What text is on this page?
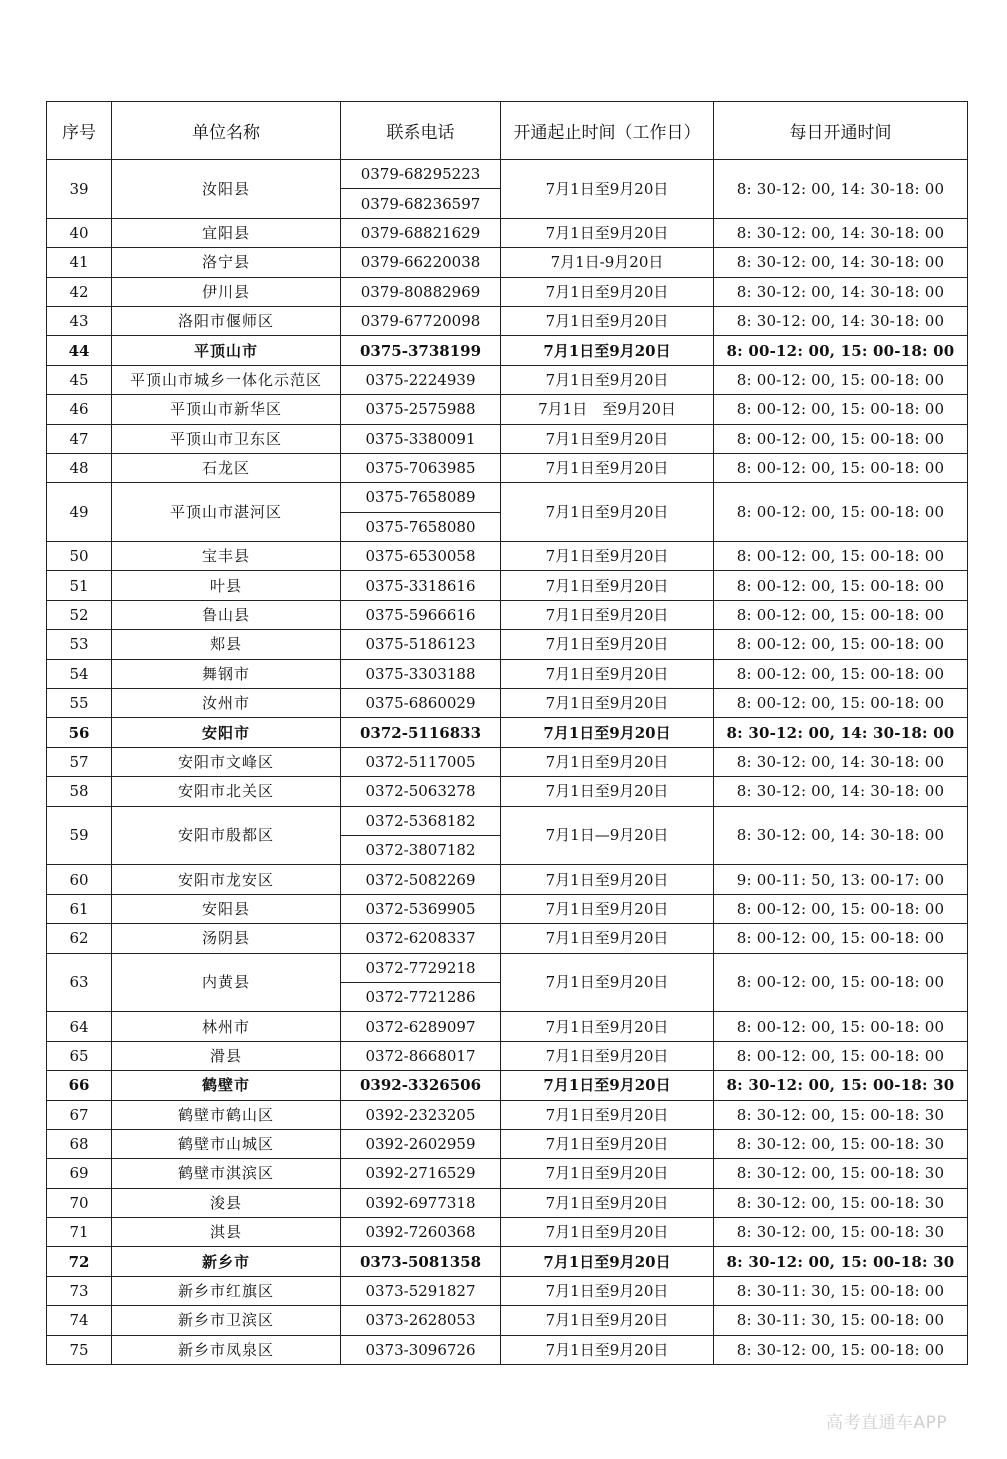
序号	单位名称	联系电话	开通起止时间（工作日）	每日开通时间
39	汝阳县	0379-68295223	7月1日至9月20日	8: 30-12: 00, 14: 30-18: 00
		0379-68236597		
40	宜阳县	0379-68821629	7月1日至9月20日	8: 30-12: 00, 14: 30-18: 00
41	洛宁县	0379-66220038	7月1日-9月20日	8: 30-12: 00, 14: 30-18: 00
42	伊川县	0379-80882969	7月1日至9月20日	8: 30-12: 00, 14: 30-18: 00
43	洛阳市偃师区	0379-67720098	7月1日至9月20日	8: 30-12: 00, 14: 30-18: 00
44	平顶山市	0375-3738199	7月1日至9月20日	8: 00-12: 00, 15: 00-18: 00
45	平顶山市城乡一体化示范区	0375-2224939	7月1日至9月20日	8: 00-12: 00, 15: 00-18: 00
46	平顶山市新华区	0375-2575988	7月1日　至9月20日	8: 00-12: 00, 15: 00-18: 00
47	平顶山市卫东区	0375-3380091	7月1日至9月20日	8: 00-12: 00, 15: 00-18: 00
48	石龙区	0375-7063985	7月1日至9月20日	8: 00-12: 00, 15: 00-18: 00
49	平顶山市湛河区	0375-7658089	7月1日至9月20日	8: 00-12: 00, 15: 00-18: 00
		0375-7658080		
50	宝丰县	0375-6530058	7月1日至9月20日	8: 00-12: 00, 15: 00-18: 00
51	叶县	0375-3318616	7月1日至9月20日	8: 00-12: 00, 15: 00-18: 00
52	鲁山县	0375-5966616	7月1日至9月20日	8: 00-12: 00, 15: 00-18: 00
53	郏县	0375-5186123	7月1日至9月20日	8: 00-12: 00, 15: 00-18: 00
54	舞钢市	0375-3303188	7月1日至9月20日	8: 00-12: 00, 15: 00-18: 00
55	汝州市	0375-6860029	7月1日至9月20日	8: 00-12: 00, 15: 00-18: 00
56	安阳市	0372-5116833	7月1日至9月20日	8: 30-12: 00, 14: 30-18: 00
57	安阳市文峰区	0372-5117005	7月1日至9月20日	8: 30-12: 00, 14: 30-18: 00
58	安阳市北关区	0372-5063278	7月1日至9月20日	8: 30-12: 00, 14: 30-18: 00
59	安阳市殷都区	0372-5368182	7月1日—9月20日	8: 30-12: 00, 14: 30-18: 00
		0372-3807182		
60	安阳市龙安区	0372-5082269	7月1日至9月20日	9: 00-11: 50, 13: 00-17: 00
61	安阳县	0372-5369905	7月1日至9月20日	8: 00-12: 00, 15: 00-18: 00
62	汤阴县	0372-6208337	7月1日至9月20日	8: 00-12: 00, 15: 00-18: 00
63	内黄县	0372-7729218	7月1日至9月20日	8: 00-12: 00, 15: 00-18: 00
		0372-7721286		
64	林州市	0372-6289097	7月1日至9月20日	8: 00-12: 00, 15: 00-18: 00
65	滑县	0372-8668017	7月1日至9月20日	8: 00-12: 00, 15: 00-18: 00
66	鹤壁市	0392-3326506	7月1日至9月20日	8: 30-12: 00, 15: 00-18: 30
67	鹤壁市鹤山区	0392-2323205	7月1日至9月20日	8: 30-12: 00, 15: 00-18: 30
68	鹤壁市山城区	0392-2602959	7月1日至9月20日	8: 30-12: 00, 15: 00-18: 30
69	鹤壁市淇滨区	0392-2716529	7月1日至9月20日	8: 30-12: 00, 15: 00-18: 30
70	浚县	0392-6977318	7月1日至9月20日	8: 30-12: 00, 15: 00-18: 30
71	淇县	0392-7260368	7月1日至9月20日	8: 30-12: 00, 15: 00-18: 30
72	新乡市	0373-5081358	7月1日至9月20日	8: 30-12: 00, 15: 00-18: 30
73	新乡市红旗区	0373-5291827	7月1日至9月20日	8: 30-11: 30, 15: 00-18: 00
74	新乡市卫滨区	0373-2628053	7月1日至9月20日	8: 30-11: 30, 15: 00-18: 00
75	新乡市凤泉区	0373-3096726	7月1日至9月20日	8: 30-12: 00, 15: 00-18: 00
高考直通车APP
